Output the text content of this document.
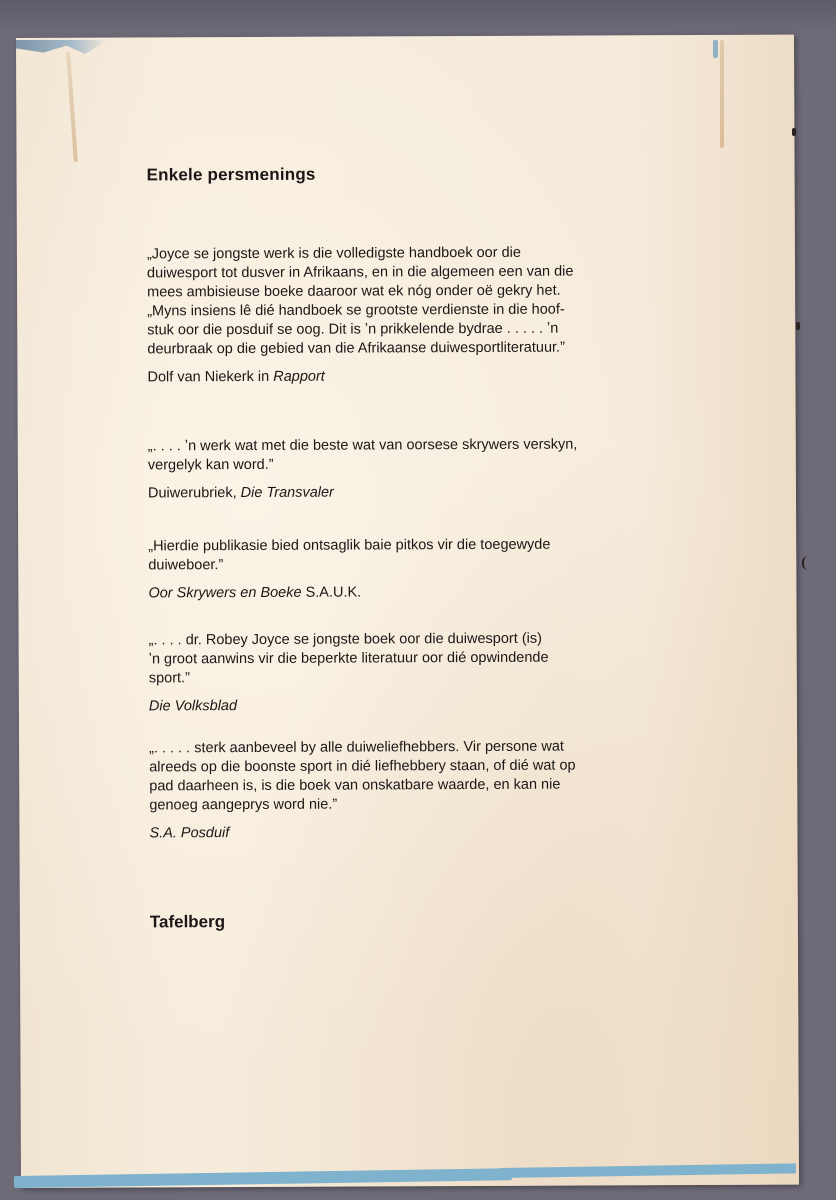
Enkele persmenings

„Joyce se jongste werk is die volledigste handboek oor die
duiwesport tot dusver in Afrikaans, en in die algemeen een van die
mees ambisieuse boeke daaroor wat ek nóg onder oë gekry het.
„Myns insiens lê dié handboek se grootste verdienste in die hoof-
stuk oor die posduif se oog. Dit is ʼn prikkelende bydrae . . . . . ʼn
deurbraak op die gebied van die Afrikaanse duiwesportliteratuur.”

Dolf van Niekerk in Rapport

„. . . . ʼn werk wat met die beste wat van oorsese skrywers verskyn,
vergelyk kan word.”

Duiwerubriek, Die Transvaler

„Hierdie publikasie bied ontsaglik baie pitkos vir die toegewyde
duiweboer.”

Oor Skrywers en Boeke S.A.U.K.

„. . . . dr. Robey Joyce se jongste boek oor die duiwesport (is)
ʼn groot aanwins vir die beperkte literatuur oor dié opwindende
sport.”

Die Volksblad

„. . . . . sterk aanbeveel by alle duiweliefhebbers. Vir persone wat
alreeds op die boonste sport in dié liefhebbery staan, of dié wat op
pad daarheen is, is die boek van onskatbare waarde, en kan nie
genoeg aangeprys word nie.”

S.A. Posduif

Tafelberg
